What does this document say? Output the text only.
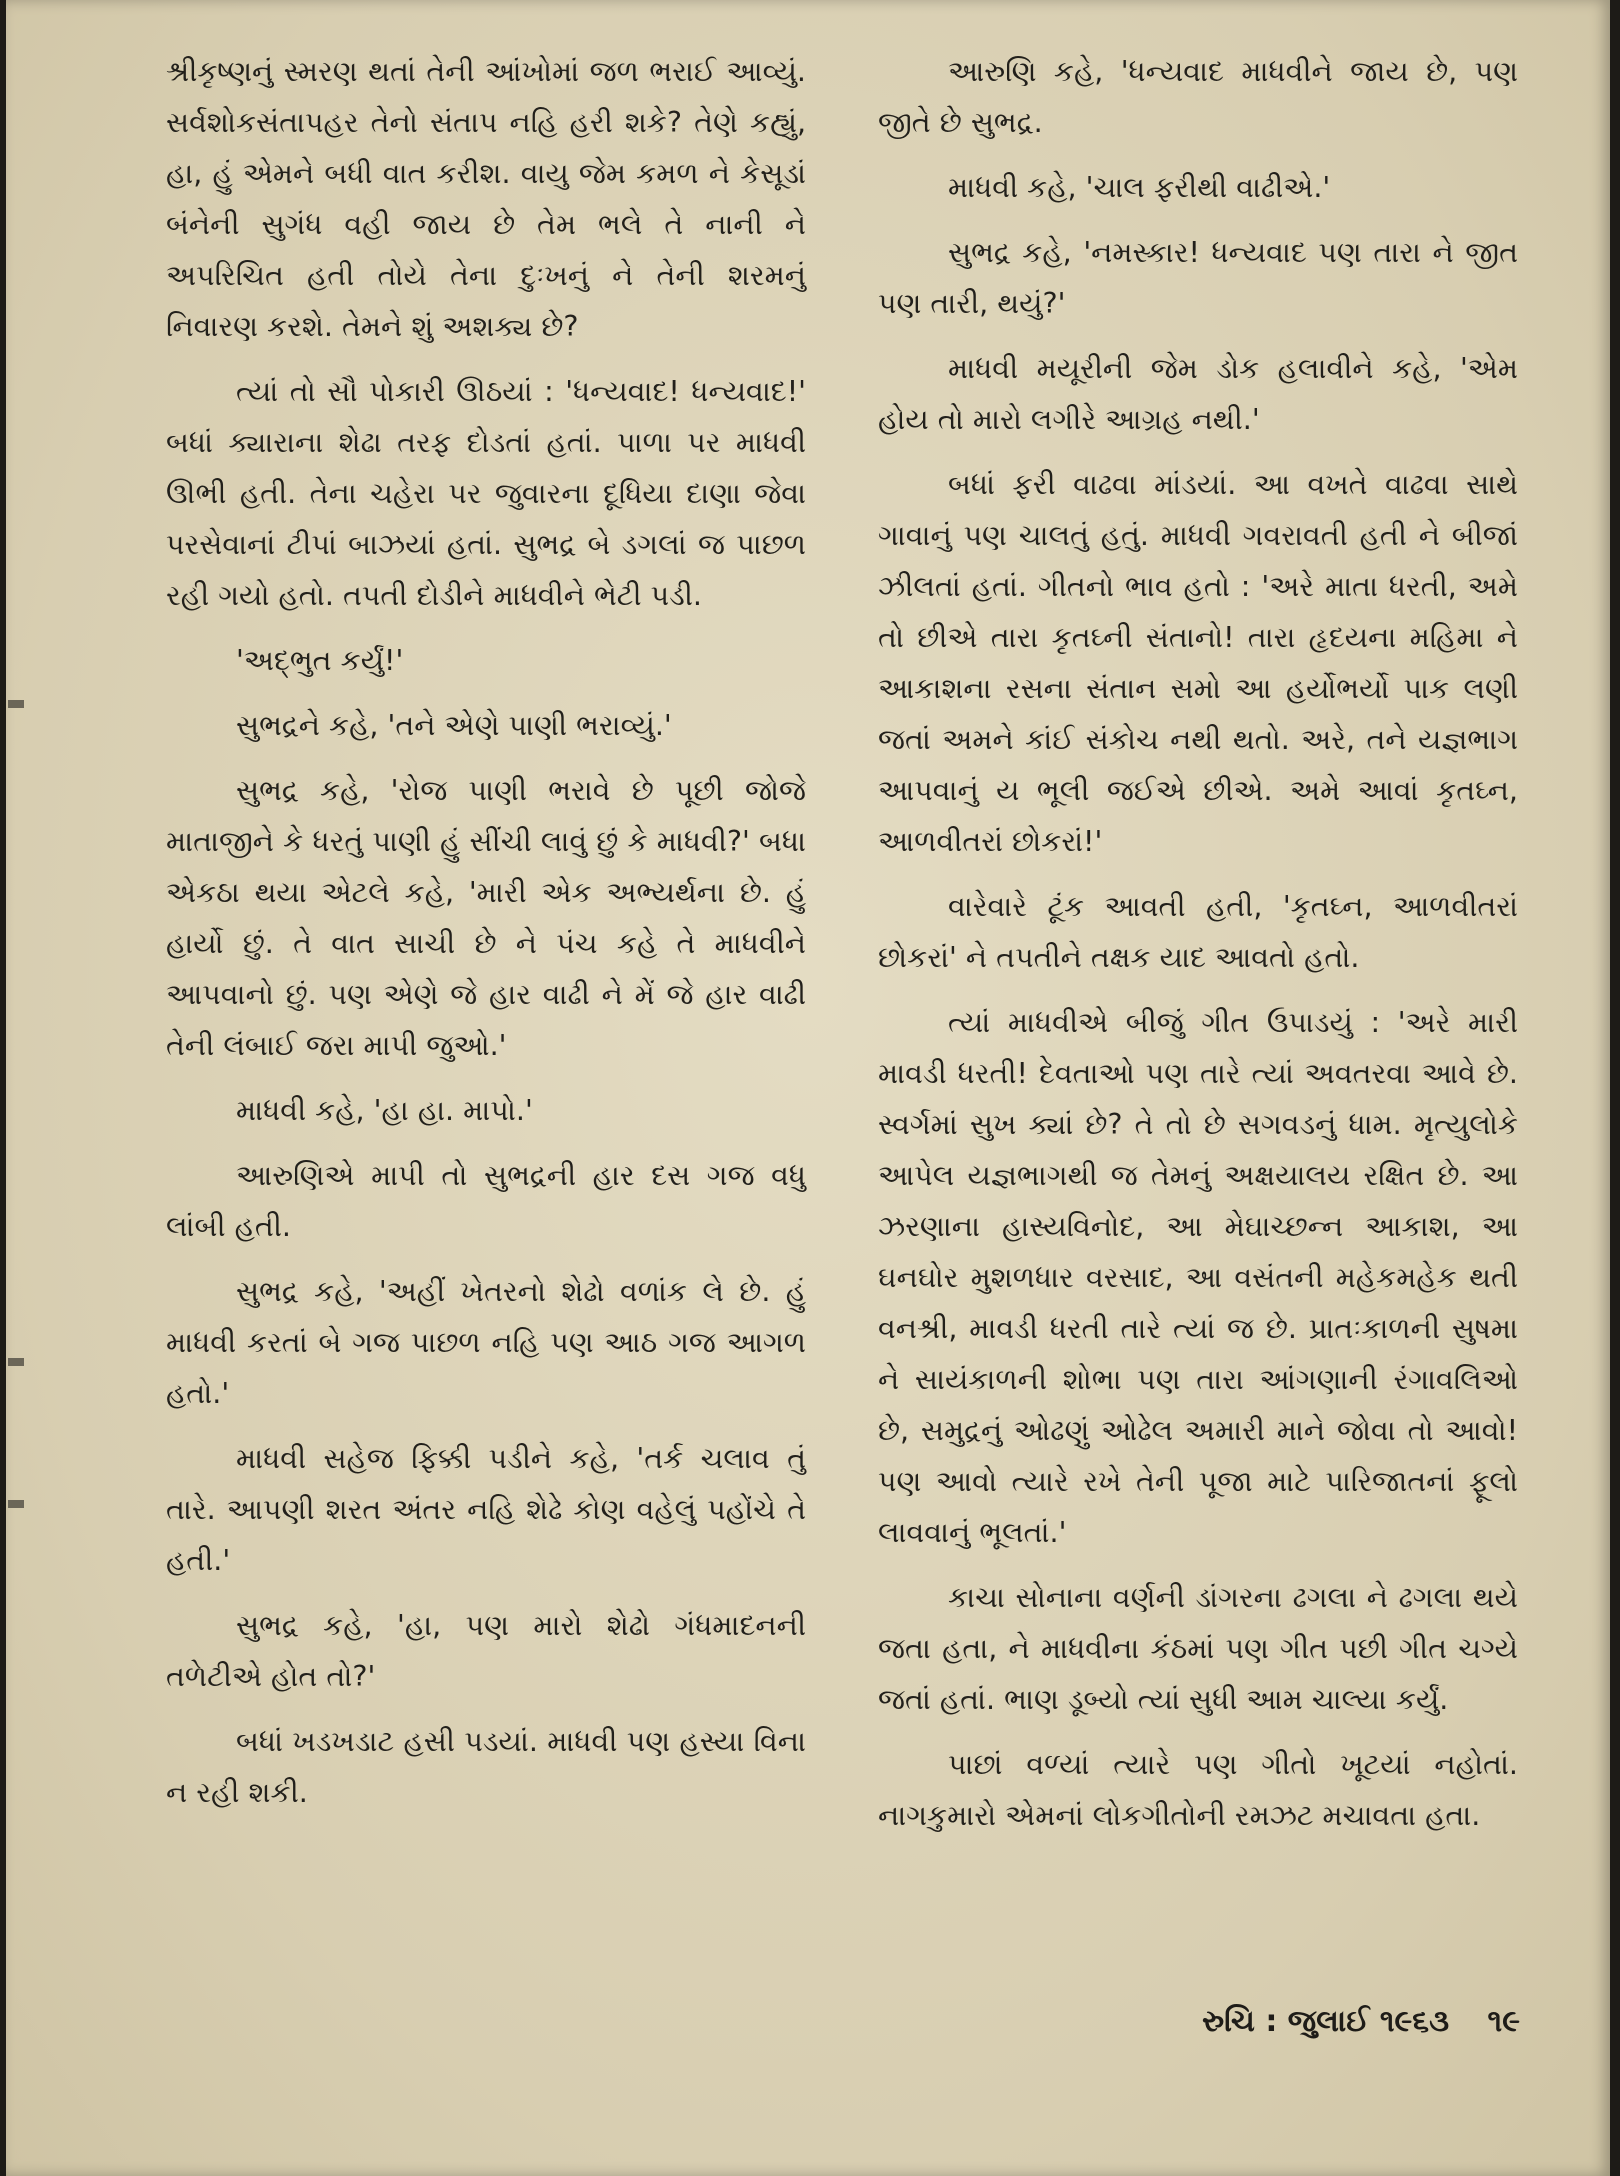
શ્રીકૃષ્ણનું સ્મરણ થતાં તેની આંખોમાં જળ ભરાઈ આવ્યું. સર્વશોકસંતાપહર તેનો સંતાપ નહિ હરી શકે? તેણે કહ્યું, હા, હું એમને બધી વાત કરીશ. વાયુ જેમ કમળ ને કેસૂડાં બંનેની સુગંધ વહી જાય છે તેમ ભલે તે નાની ને અપરિચિત હતી તોયે તેના દુઃખનું ને તેની શરમનું નિવારણ કરશે. તેમને શું અશક્ય છે?

ત્યાં તો સૌ પોકારી ઊઠયાં : 'ધન્યવાદ! ધન્યવાદ!' બધાં ક્યારાના શેઢા તરફ દોડતાં હતાં. પાળા પર માધવી ઊભી હતી. તેના ચહેરા પર જુવારના દૂધિયા દાણા જેવા પરસેવાનાં ટીપાં બાઝયાં હતાં. સુભદ્ર બે ડગલાં જ પાછળ રહી ગયો હતો. તપતી દોડીને માધવીને ભેટી પડી.

'અદ્‌ભુત કર્યું!'

સુભદ્રને કહે, 'તને એણે પાણી ભરાવ્યું.'

સુભદ્ર કહે, 'રોજ પાણી ભરાવે છે પૂછી જોજે માતાજીને કે ધરતું પાણી હું સીંચી લાવું છું કે માધવી?' બધા એકઠા થયા એટલે કહે, 'મારી એક અભ્યર્થના છે. હું હાર્યો છું. તે વાત સાચી છે ને પંચ કહે તે માધવીને આપવાનો છું. પણ એણે જે હાર વાઢી ને મેં જે હાર વાઢી તેની લંબાઈ જરા માપી જુઓ.'

માધવી કહે, 'હા હા. માપો.'

આરુણિએ માપી તો સુભદ્રની હાર દસ ગજ વધુ લાંબી હતી.

સુભદ્ર કહે, 'અહીં ખેતરનો શેઢો વળાંક લે છે. હું માધવી કરતાં બે ગજ પાછળ નહિ પણ આઠ ગજ આગળ હતો.'

માધવી સહેજ ફિક્કી પડીને કહે, 'તર્ક ચલાવ તું તારે. આપણી શરત અંતર નહિ શેઢે કોણ વહેલું પહોંચે તે હતી.'

સુભદ્ર કહે, 'હા, પણ મારો શેઢો ગંધમાદનની તળેટીએ હોત તો?'

બધાં ખડખડાટ હસી પડયાં. માધવી પણ હસ્યા વિના ન રહી શકી.

આરુણિ કહે, 'ધન્યવાદ માધવીને જાય છે, પણ જીતે છે સુભદ્ર.

માધવી કહે, 'ચાલ ફરીથી વાઢીએ.'

સુભદ્ર કહે, 'નમસ્કાર! ધન્યવાદ પણ તારા ને જીત પણ તારી, થયું?'

માધવી મયૂરીની જેમ ડોક હલાવીને કહે, 'એમ હોય તો મારો લગીરે આગ્રહ નથી.'

બધાં ફરી વાઢવા માંડયાં. આ વખતે વાઢવા સાથે ગાવાનું પણ ચાલતું હતું. માધવી ગવરાવતી હતી ને બીજાં ઝીલતાં હતાં. ગીતનો ભાવ હતો : 'અરે માતા ધરતી, અમે તો છીએ તારા કૃતઘ્ની સંતાનો! તારા હૃદયના મહિમા ને આકાશના રસના સંતાન સમો આ હર્યોભર્યો પાક લણી જતાં અમને કાંઈ સંકોચ નથી થતો. અરે, તને યજ્ઞભાગ આપવાનું ય ભૂલી જઈએ છીએ. અમે આવાં કૃતઘ્ન, આળવીતરાં છોકરાં!'

વારેવારે ટૂંક આવતી હતી, 'કૃતઘ્ન, આળવીતરાં છોકરાં' ને તપતીને તક્ષક યાદ આવતો હતો.

ત્યાં માધવીએ બીજું ગીત ઉપાડયું : 'અરે મારી માવડી ધરતી! દેવતાઓ પણ તારે ત્યાં અવતરવા આવે છે. સ્વર્ગમાં સુખ ક્યાં છે? તે તો છે સગવડનું ધામ. મૃત્યુલોકે આપેલ યજ્ઞભાગથી જ તેમનું અક્ષયાલય રક્ષિત છે. આ ઝરણાના હાસ્યવિનોદ, આ મેઘાચ્છન્ન આકાશ, આ ઘનઘોર મુશળધાર વરસાદ, આ વસંતની મહેકમહેક થતી વનશ્રી, માવડી ધરતી તારે ત્યાં જ છે. પ્રાતઃકાળની સુષમા ને સાયંકાળની શોભા પણ તારા આંગણાની રંગાવલિઓ છે, સમુદ્રનું ઓઢણું ઓઢેલ અમારી માને જોવા તો આવો! પણ આવો ત્યારે રખે તેની પૂજા માટે પારિજાતનાં ફૂલો લાવવાનું ભૂલતાં.'

કાચા સોનાના વર્ણની ડાંગરના ઢગલા ને ઢગલા થયે જતા હતા, ને માધવીના કંઠમાં પણ ગીત પછી ગીત ચગ્યે જતાં હતાં. ભાણ ડૂબ્યો ત્યાં સુધી આમ ચાલ્યા કર્યું.

પાછાં વળ્યાં ત્યારે પણ ગીતો ખૂટયાં નહોતાં. નાગકુમારો એમનાં લોકગીતોની રમઝટ મચાવતા હતા.

રુચિ : જુલાઈ ૧૯૬૩ ૧૯
